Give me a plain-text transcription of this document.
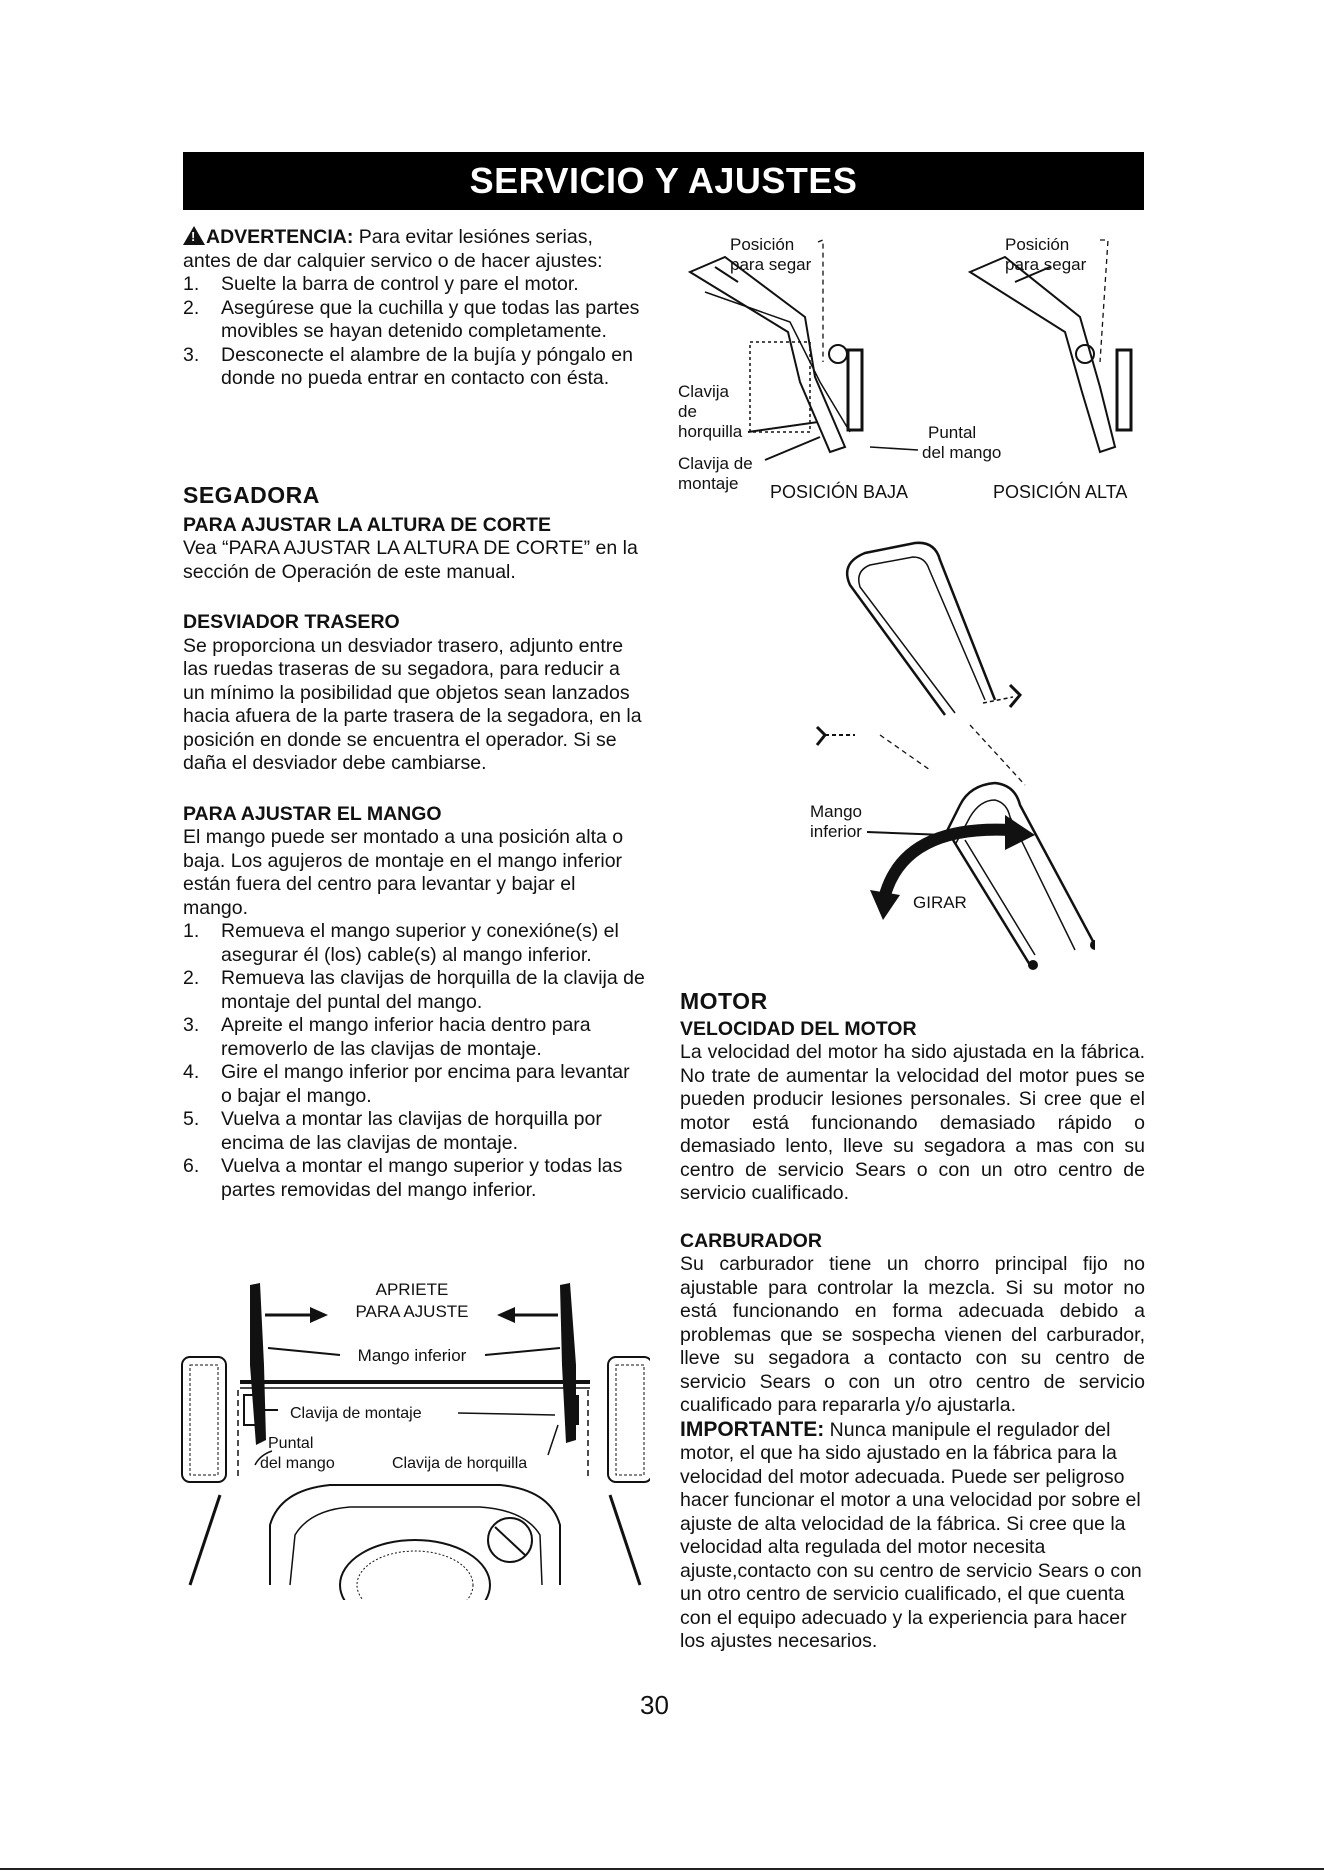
SERVICIO Y AJUSTES

!ADVERTENCIA: Para evitar lesiónes serias, antes de dar calquier servico o de hacer ajustes:

1. Suelte la barra de control y pare el motor.
2. Asegúrese que la cuchilla y que todas las partes movibles se hayan detenido completamente.
3. Desconecte el alambre de la bujía y póngalo en donde no pueda entrar en contacto con ésta.
SEGADORA
PARA AJUSTAR LA ALTURA DE CORTE

Vea “PARA AJUSTAR LA ALTURA DE CORTE” en la sección de Operación de este manual.

DESVIADOR TRASERO

Se proporciona un desviador trasero, adjunto entre las ruedas traseras de su segadora, para reducir a un mínimo la posibilidad que objetos sean lanzados hacia afuera de la parte trasera de la segadora, en la posición en donde se encuentra el operador. Si se daña el desviador debe cambiarse.

PARA AJUSTAR EL MANGO

El mango puede ser montado a una posición alta o baja. Los agujeros de montaje en el mango inferior están fuera del centro para levantar y bajar el mango.

1. Remueva el mango superior y conexióne(s) el asegurar él (los) cable(s) al mango inferior.
2. Remueva las clavijas de horquilla de la clavija de montaje del puntal del mango.
3. Apreite el mango inferior hacia dentro para removerlo de las clavijas de montaje.
4. Gire el mango inferior por encima para levantar o bajar el mango.
5. Vuelva a montar las clavijas de horquilla por encima de las clavijas de montaje.
6. Vuelva a montar el mango superior y todas las partes removidas del mango inferior.
APRIETE
PARA AJUSTE
Mango inferior
Clavija de montaje
Puntal
del mango	Clavija de horquilla
Posición
para segar
Posición
para segar
Clavija
de
horquilla
Clavija de
montaje
Puntal
del mango
POSICIÓN BAJA	POSICIÓN ALTA
Mango
inferior
GIRAR
MOTOR
VELOCIDAD DEL MOTOR

La velocidad del motor ha sido ajustada en la fábrica. No trate de aumentar la velocidad del motor pues se pueden producir lesiones personales. Si cree que el motor está funcionando demasiado rápido o demasiado lento, lleve su segadora a mas con su centro de servicio Sears o con un otro centro de servicio cualificado.

CARBURADOR

Su carburador tiene un chorro principal fijo no ajustable para controlar la mezcla. Si su motor no está funcionando en forma adecuada debido a problemas que se sospecha vienen del carburador, lleve su segadora a contacto con su centro de servicio Sears o con un otro centro de servicio cualificado para repararla y/o ajustarla.

IMPORTANTE: Nunca manipule el regulador del motor, el que ha sido ajustado en la fábrica para la velocidad del motor adecuada. Puede ser peligroso hacer funcionar el motor a una velocidad por sobre el ajuste de alta velocidad de la fábrica. Si cree que la velocidad alta regulada del motor necesita ajuste,contacto con su centro de servicio Sears o con un otro centro de servicio cualificado, el que cuenta con el equipo adecuado y la experiencia para hacer los ajustes necesarios.

30
